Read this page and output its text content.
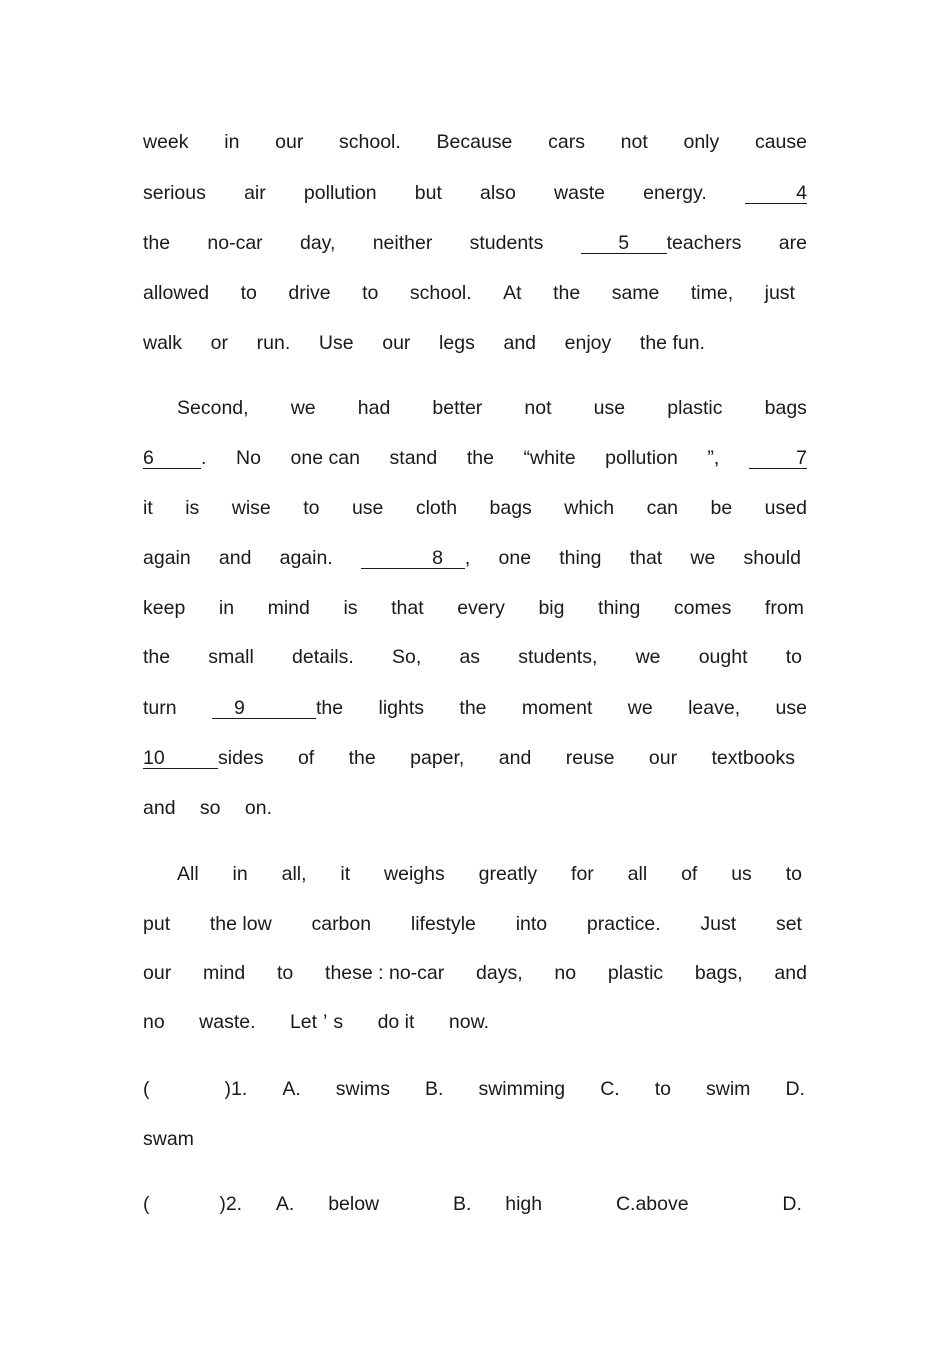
week in our school. Because cars not only cause
serious air pollution but also waste energy.	4
the no-car day, neither students	5 teachers are
allowed to drive to school. At the same time, just
walk or run. Use our legs and enjoy the fun.
Second, we had better not use plastic bags
6 . No one can stand the “white pollution ”,	7
it is wise to use cloth bags which can be used
again and again.	8 , one thing that we should
keep in mind is that every big thing comes from
the small details. So, as students, we ought to
turn	9	the lights the moment we leave, use
10	sides of the paper, and reuse our textbooks
and so on.
All in all, it weighs greatly for all of us to
put the low carbon lifestyle into practice. Just set
our mind to these : no-car days, no plastic bags, and
no waste. Let ’ s do it now.
(	)1. A. swims B. swimming C. to swim D.
swam
(	)2. A. below	B. high	C.above	D.
